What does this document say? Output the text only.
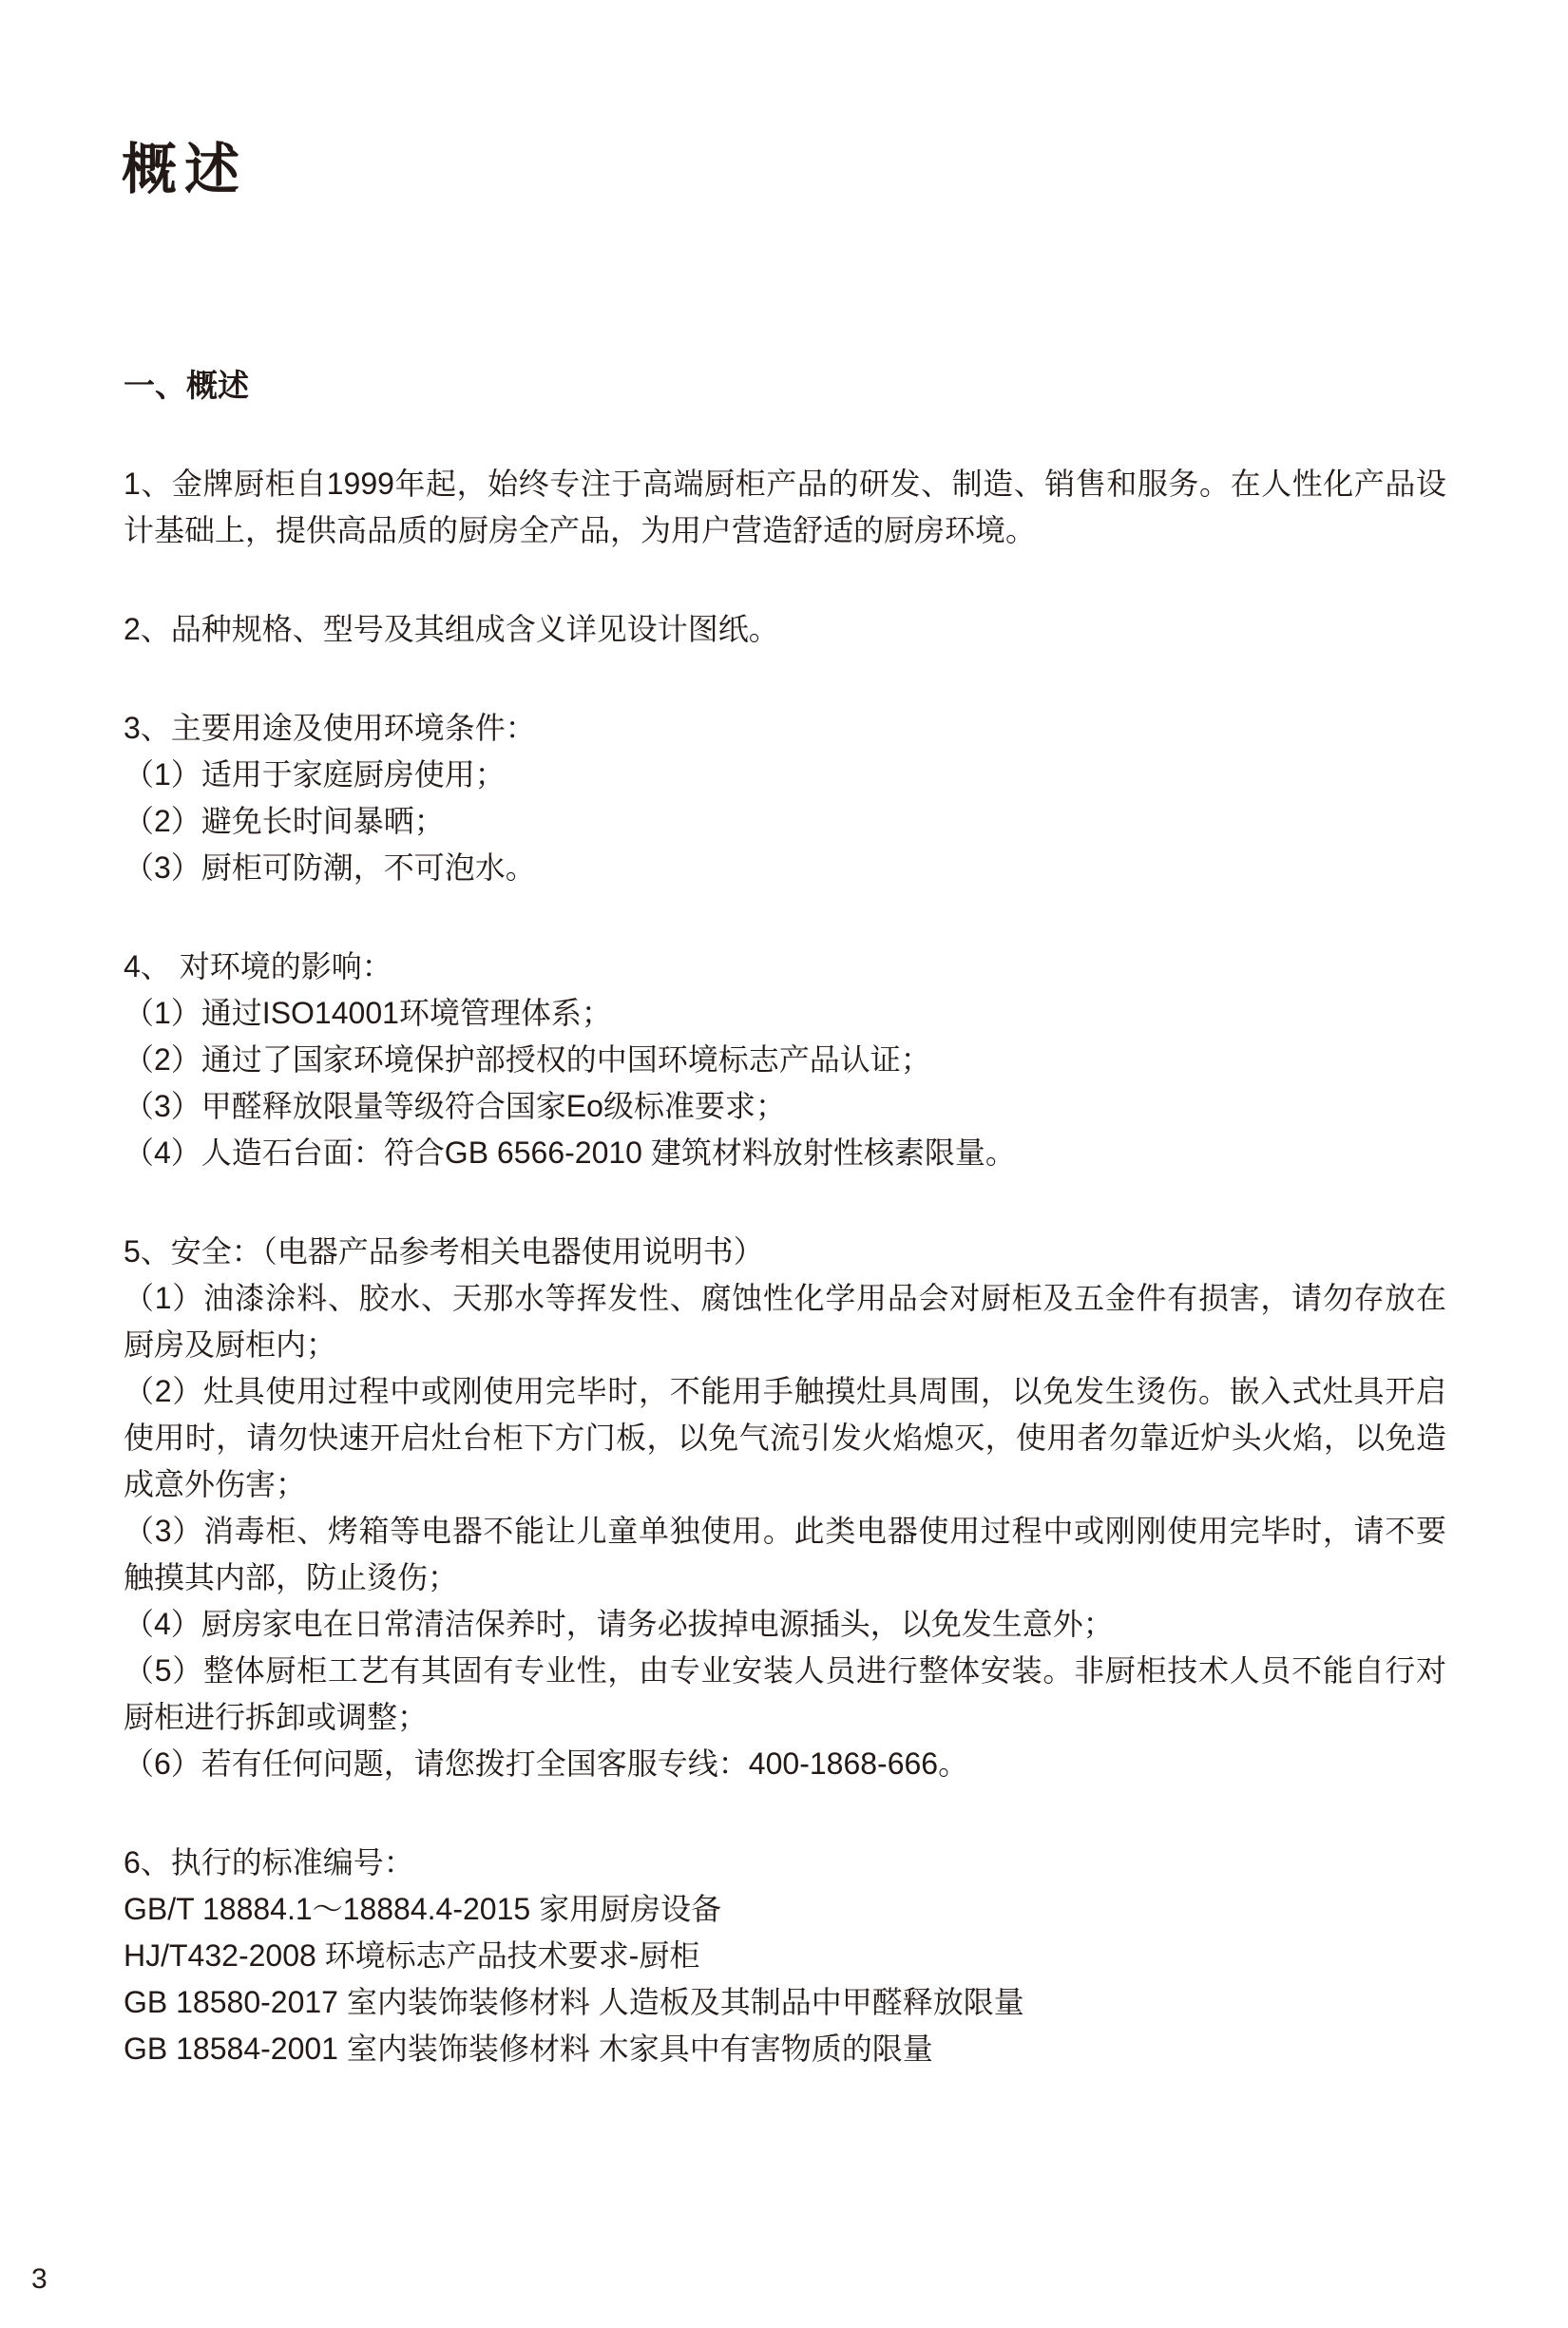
概述
一、概述

1、金牌厨柜自1999年起，始终专注于高端厨柜产品的研发、制造、销售和服务。在人性化产品设计基础上，提供高品质的厨房全产品，为用户营造舒适的厨房环境。

2、品种规格、型号及其组成含义详见设计图纸。

3、主要用途及使用环境条件：

（1）适用于家庭厨房使用；

（2）避免长时间暴晒；

（3）厨柜可防潮，不可泡水。

4、 对环境的影响：

（1）通过ISO14001环境管理体系；

（2）通过了国家环境保护部授权的中国环境标志产品认证；

（3）甲醛释放限量等级符合国家Eo级标准要求；

（4）人造石台面：符合GB 6566-2010 建筑材料放射性核素限量。

5、安全：（电器产品参考相关电器使用说明书）

（1）油漆涂料、胶水、天那水等挥发性、腐蚀性化学用品会对厨柜及五金件有损害，请勿存放在厨房及厨柜内；

（2）灶具使用过程中或刚使用完毕时，不能用手触摸灶具周围，以免发生烫伤。嵌入式灶具开启使用时，请勿快速开启灶台柜下方门板，以免气流引发火焰熄灭，使用者勿靠近炉头火焰，以免造成意外伤害；

（3）消毒柜、烤箱等电器不能让儿童单独使用。此类电器使用过程中或刚刚使用完毕时，请不要触摸其内部，防止烫伤；

（4）厨房家电在日常清洁保养时，请务必拔掉电源插头，以免发生意外；

（5）整体厨柜工艺有其固有专业性，由专业安装人员进行整体安装。非厨柜技术人员不能自行对厨柜进行拆卸或调整；

（6）若有任何问题，请您拨打全国客服专线：400-1868-666。

6、执行的标准编号：

GB/T 18884.1～18884.4-2015 家用厨房设备

HJ/T432-2008 环境标志产品技术要求-厨柜

GB 18580-2017 室内装饰装修材料 人造板及其制品中甲醛释放限量

GB 18584-2001 室内装饰装修材料 木家具中有害物质的限量

3
